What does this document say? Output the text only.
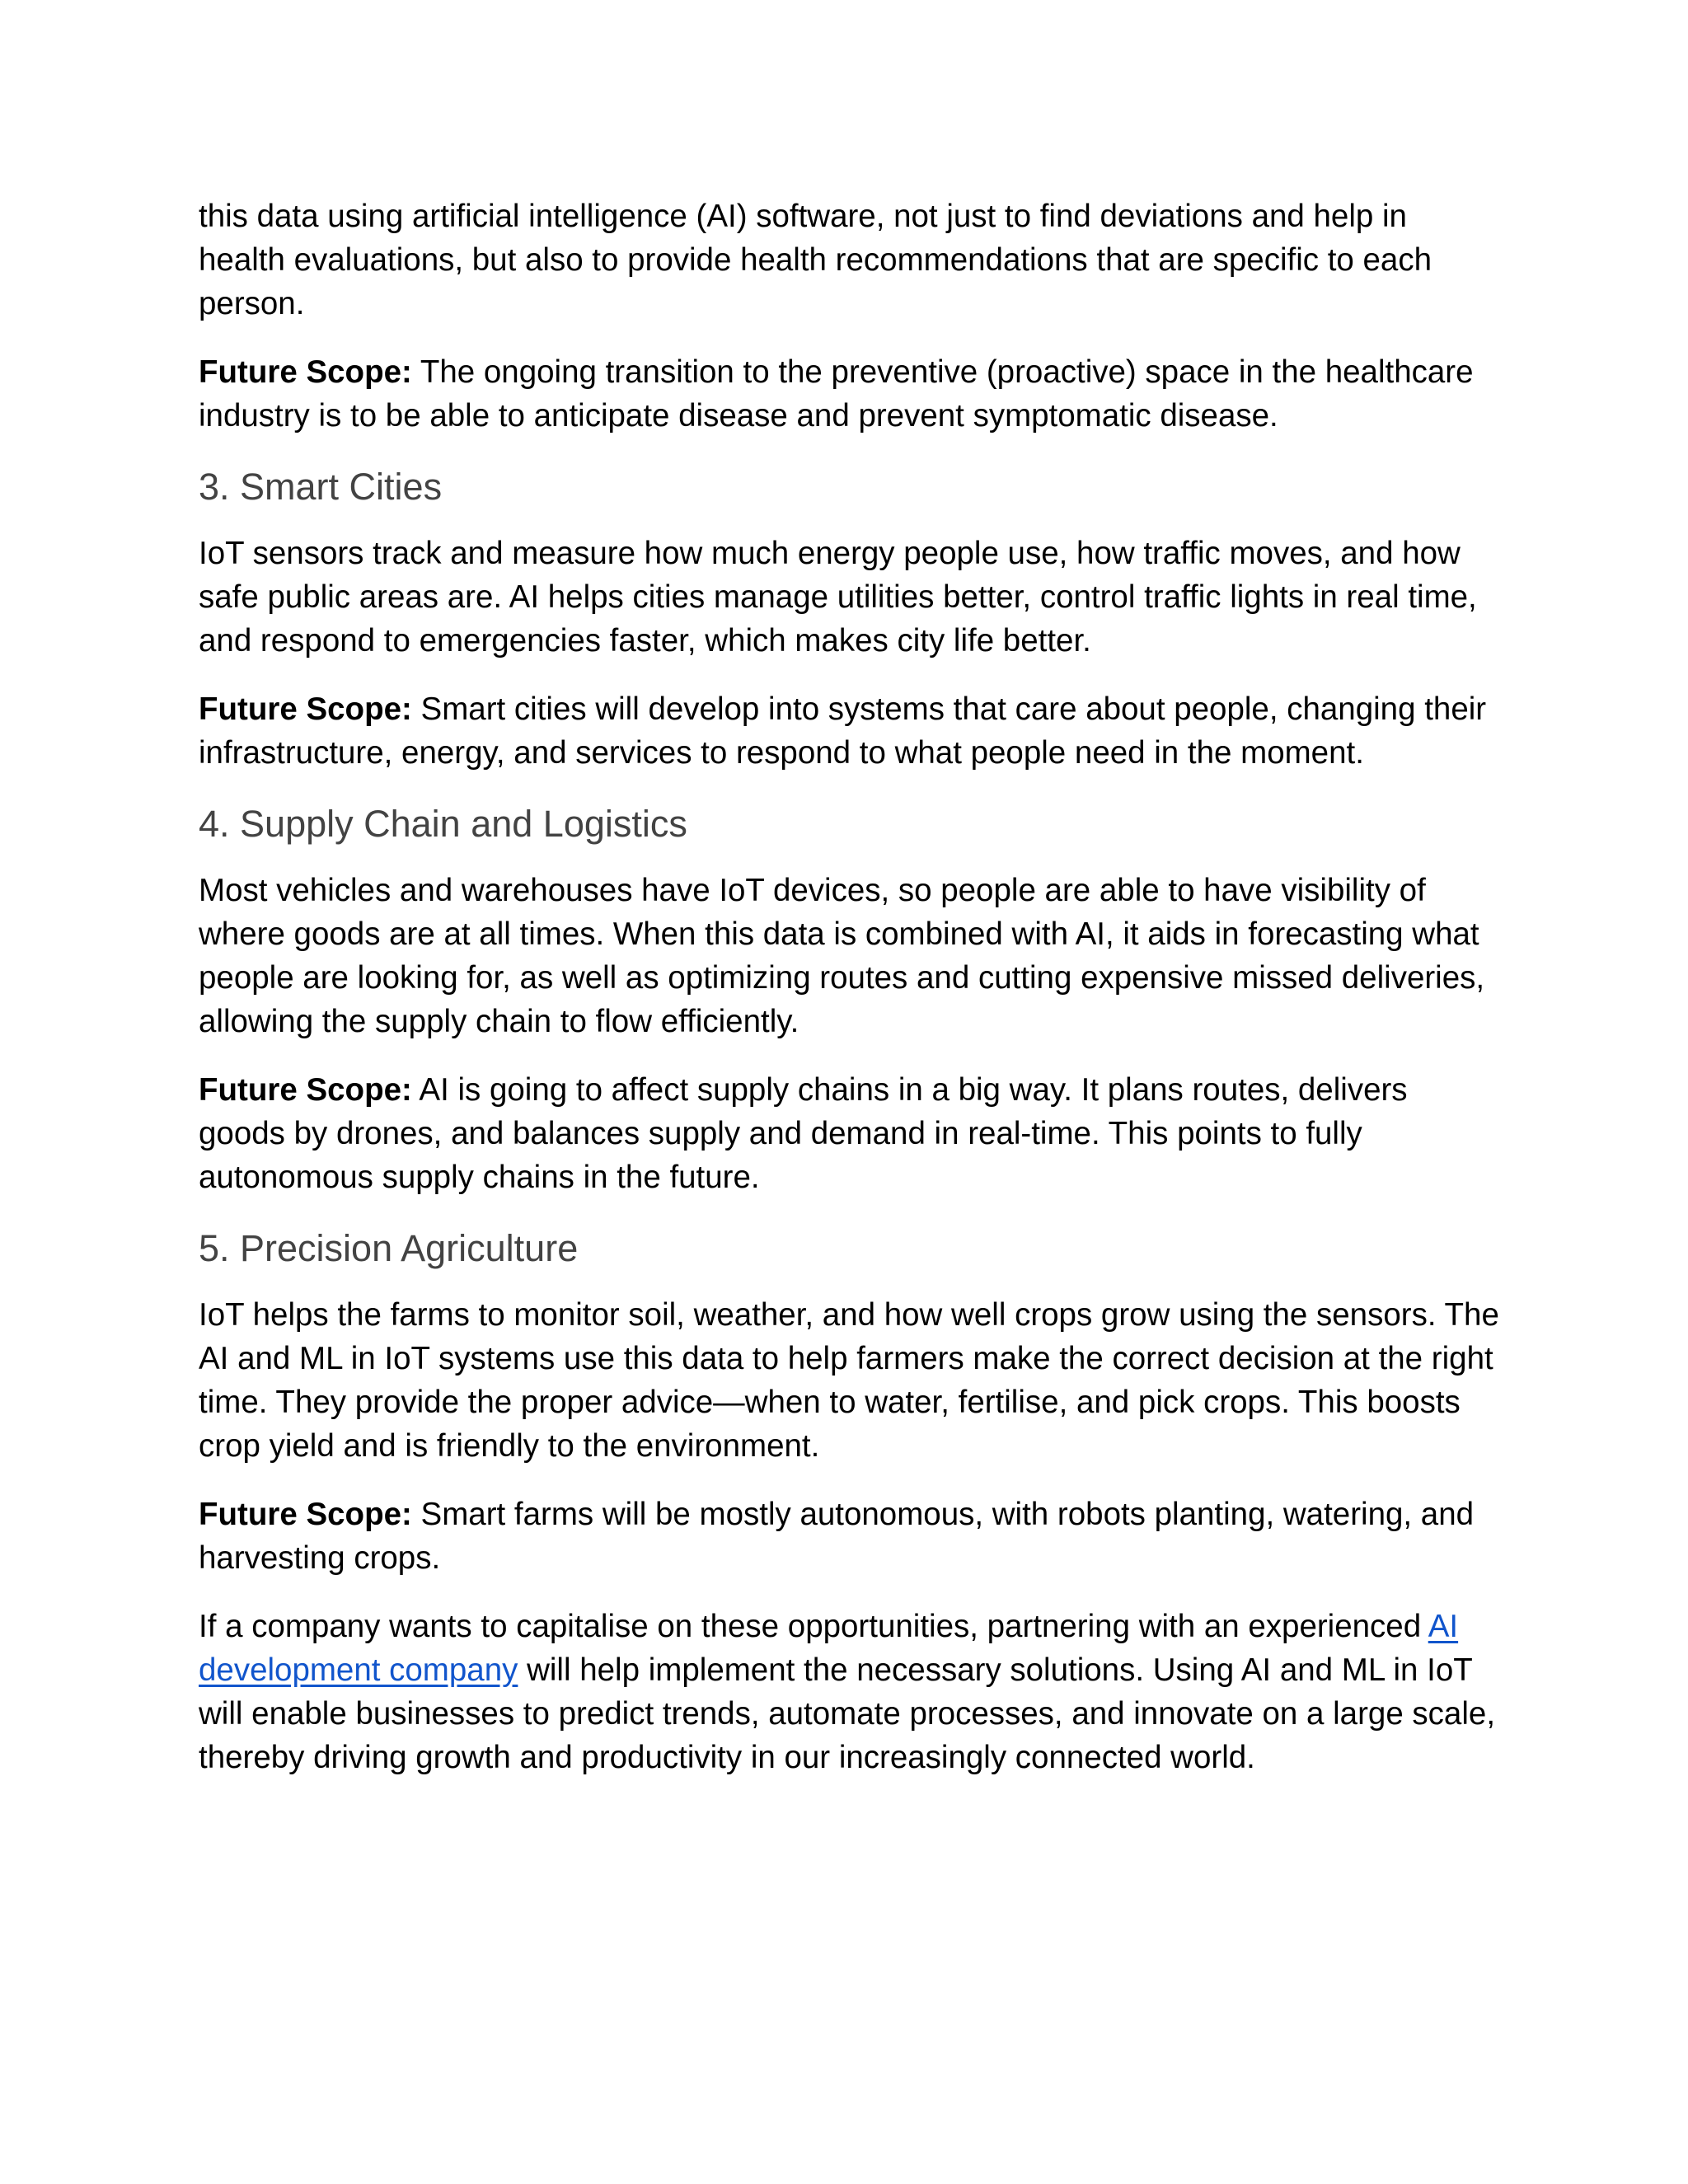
this data using artificial intelligence (AI) software, not just to find deviations and help in health evaluations, but also to provide health recommendations that are specific to each person.

Future Scope: The ongoing transition to the preventive (proactive) space in the healthcare industry is to be able to anticipate disease and prevent symptomatic disease.

3. Smart Cities

IoT sensors track and measure how much energy people use, how traffic moves, and how safe public areas are. AI helps cities manage utilities better, control traffic lights in real time, and respond to emergencies faster, which makes city life better.

Future Scope: Smart cities will develop into systems that care about people, changing their infrastructure, energy, and services to respond to what people need in the moment.

4. Supply Chain and Logistics

Most vehicles and warehouses have IoT devices, so people are able to have visibility of where goods are at all times. When this data is combined with AI, it aids in forecasting what people are looking for, as well as optimizing routes and cutting expensive missed deliveries, allowing the supply chain to flow efficiently.

Future Scope: AI is going to affect supply chains in a big way. It plans routes, delivers goods by drones, and balances supply and demand in real-time. This points to fully autonomous supply chains in the future.

5. Precision Agriculture

IoT helps the farms to monitor soil, weather, and how well crops grow using the sensors. The AI and ML in IoT systems use this data to help farmers make the correct decision at the right time. They provide the proper advice—when to water, fertilise, and pick crops. This boosts crop yield and is friendly to the environment.

Future Scope: Smart farms will be mostly autonomous, with robots planting, watering, and harvesting crops.

If a company wants to capitalise on these opportunities, partnering with an experienced AI development company will help implement the necessary solutions. Using AI and ML in IoT will enable businesses to predict trends, automate processes, and innovate on a large scale, thereby driving growth and productivity in our increasingly connected world.
